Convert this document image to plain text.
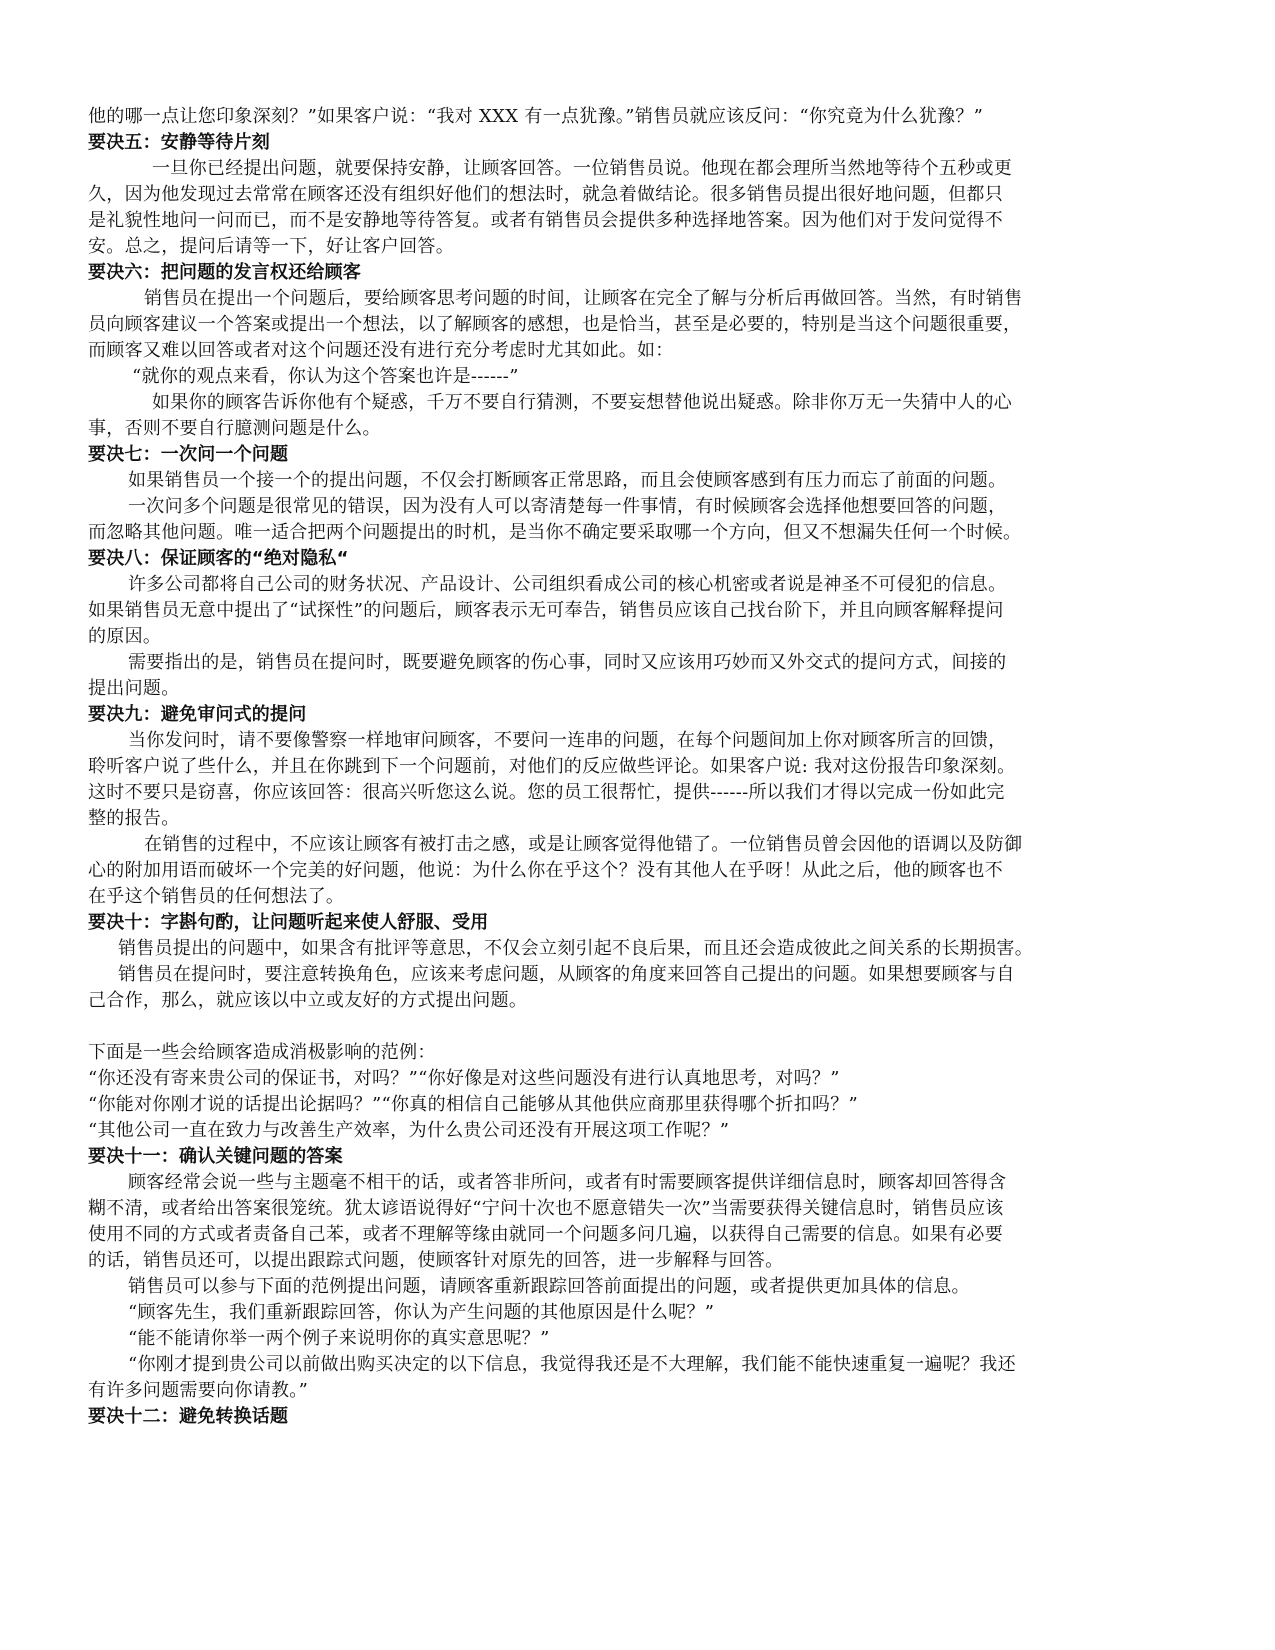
他的哪一点让您印象深刻？”如果客户说：“我对 XXX 有一点犹豫。”销售员就应该反问：“你究竟为什么犹豫？”
要决五：安静等待片刻
一旦你已经提出问题，就要保持安静，让顾客回答。一位销售员说。他现在都会理所当然地等待个五秒或更
久，因为他发现过去常常在顾客还没有组织好他们的想法时，就急着做结论。很多销售员提出很好地问题，但都只
是礼貌性地问一问而已，而不是安静地等待答复。或者有销售员会提供多种选择地答案。因为他们对于发问觉得不
安。总之，提问后请等一下，好让客户回答。
要决六：把问题的发言权还给顾客
销售员在提出一个问题后，要给顾客思考问题的时间，让顾客在完全了解与分析后再做回答。当然，有时销售
员向顾客建议一个答案或提出一个想法，以了解顾客的感想，也是恰当，甚至是必要的，特别是当这个问题很重要，
而顾客又难以回答或者对这个问题还没有进行充分考虑时尤其如此。如：
“就你的观点来看，你认为这个答案也许是------”
如果你的顾客告诉你他有个疑惑，千万不要自行猜测，不要妄想替他说出疑惑。除非你万无一失猜中人的心
事，否则不要自行臆测问题是什么。
要决七：一次问一个问题
如果销售员一个接一个的提出问题，不仅会打断顾客正常思路，而且会使顾客感到有压力而忘了前面的问题。
一次问多个问题是很常见的错误，因为没有人可以寄清楚每一件事情，有时候顾客会选择他想要回答的问题，
而忽略其他问题。唯一适合把两个问题提出的时机，是当你不确定要采取哪一个方向，但又不想漏失任何一个时候。
要决八：保证顾客的“绝对隐私“
许多公司都将自己公司的财务状况、产品设计、公司组织看成公司的核心机密或者说是神圣不可侵犯的信息。
如果销售员无意中提出了“试探性”的问题后，顾客表示无可奉告，销售员应该自己找台阶下，并且向顾客解释提问
的原因。
需要指出的是，销售员在提问时，既要避免顾客的伤心事，同时又应该用巧妙而又外交式的提问方式，间接的
提出问题。
要决九：避免审问式的提问
当你发问时，请不要像警察一样地审问顾客，不要问一连串的问题，在每个问题间加上你对顾客所言的回馈，
聆听客户说了些什么，并且在你跳到下一个问题前，对他们的反应做些评论。如果客户说: 我对这份报告印象深刻。
这时不要只是窃喜，你应该回答：很高兴听您这么说。您的员工很帮忙，提供------所以我们才得以完成一份如此完
整的报告。
在销售的过程中，不应该让顾客有被打击之感，或是让顾客觉得他错了。一位销售员曾会因他的语调以及防御
心的附加用语而破坏一个完美的好问题，他说：为什么你在乎这个？没有其他人在乎呀！从此之后，他的顾客也不
在乎这个销售员的任何想法了。
要决十：字斟句酌，让问题听起来使人舒服、受用
销售员提出的问题中，如果含有批评等意思，不仅会立刻引起不良后果，而且还会造成彼此之间关系的长期损害。
销售员在提问时，要注意转换角色，应该来考虑问题，从顾客的角度来回答自己提出的问题。如果想要顾客与自
己合作，那么，就应该以中立或友好的方式提出问题。
下面是一些会给顾客造成消极影响的范例：
“你还没有寄来贵公司的保证书，对吗？”“你好像是对这些问题没有进行认真地思考，对吗？”
“你能对你刚才说的话提出论据吗？”“你真的相信自己能够从其他供应商那里获得哪个折扣吗？”
“其他公司一直在致力与改善生产效率，为什么贵公司还没有开展这项工作呢？”
要决十一：确认关键问题的答案
顾客经常会说一些与主题毫不相干的话，或者答非所问，或者有时需要顾客提供详细信息时，顾客却回答得含
糊不清，或者给出答案很笼统。犹太谚语说得好“宁问十次也不愿意错失一次”当需要获得关键信息时，销售员应该
使用不同的方式或者责备自己苯，或者不理解等缘由就同一个问题多问几遍，以获得自己需要的信息。如果有必要
的话，销售员还可，以提出跟踪式问题，使顾客针对原先的回答，进一步解释与回答。
销售员可以参与下面的范例提出问题，请顾客重新跟踪回答前面提出的问题，或者提供更加具体的信息。
“顾客先生，我们重新跟踪回答，你认为产生问题的其他原因是什么呢？”
“能不能请你举一两个例子来说明你的真实意思呢？”
“你刚才提到贵公司以前做出购买决定的以下信息，我觉得我还是不大理解，我们能不能快速重复一遍呢？我还
有许多问题需要向你请教。”
要决十二：避免转换话题
